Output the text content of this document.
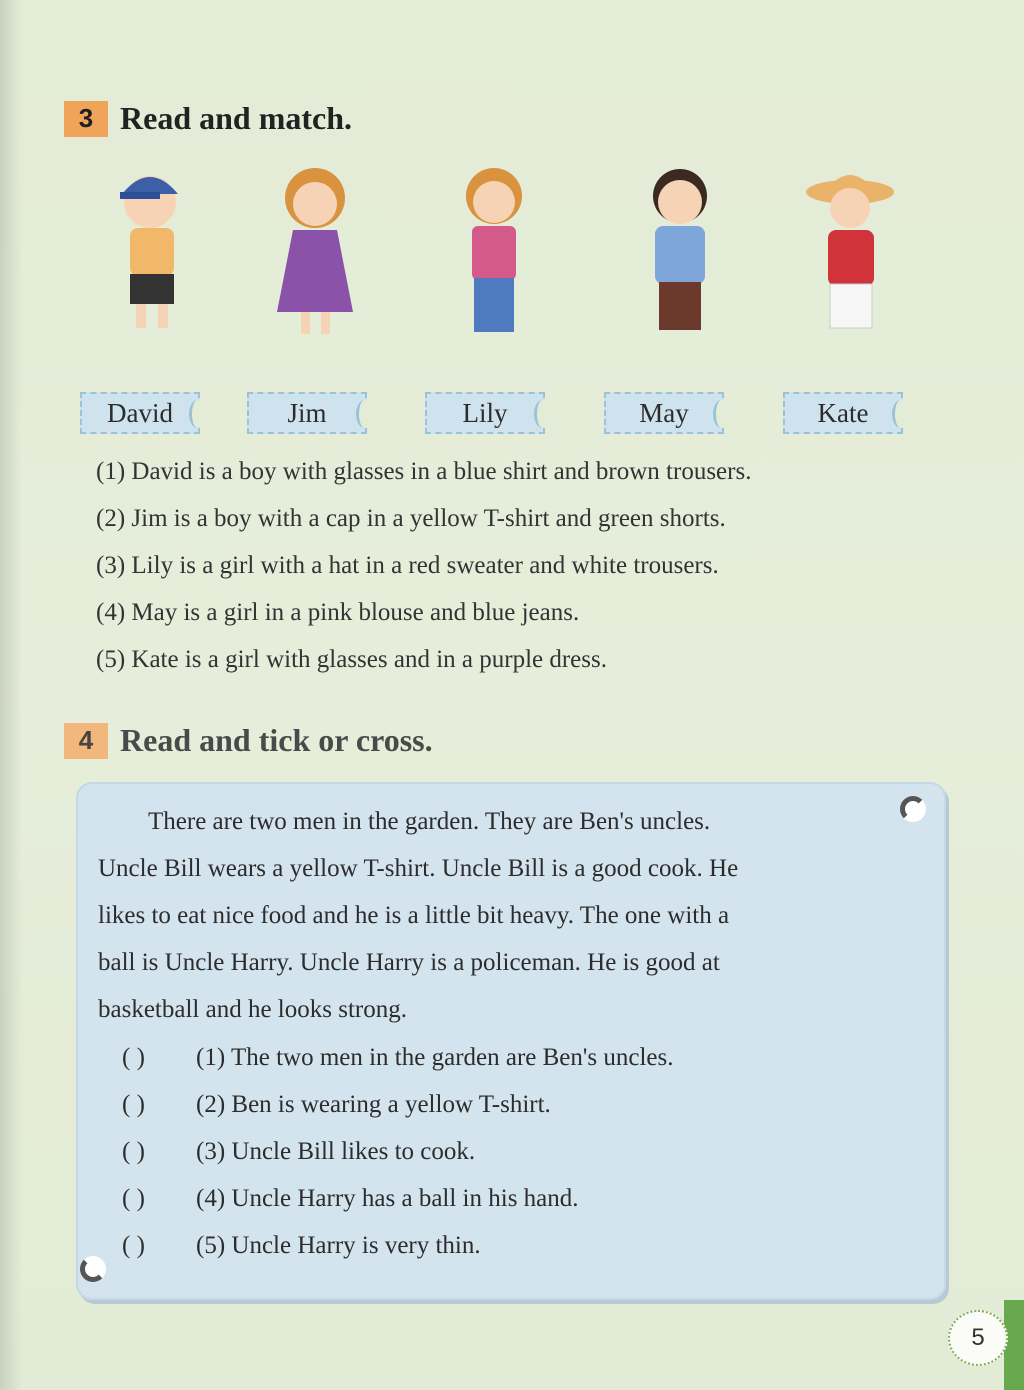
3 Read and match.
David	Jim	Lily	May	Kate
(1) David is a boy with glasses in a blue shirt and brown trousers.
(2) Jim is a boy with a cap in a yellow T-shirt and green shorts.
(3) Lily is a girl with a hat in a red sweater and white trousers.
(4) May is a girl in a pink blouse and blue jeans.
(5) Kate is a girl with glasses and in a purple dress.
4 Read and tick or cross.
  There are two men in the garden. They are Ben's uncles.
Uncle Bill wears a yellow T-shirt. Uncle Bill is a good cook. He
likes to eat nice food and he is a little bit heavy. The one with a
ball is Uncle Harry. Uncle Harry is a policeman. He is good at
basketball and he looks strong.
( )	(1) The two men in the garden are Ben's uncles.
( )	(2) Ben is wearing a yellow T-shirt.
( )	(3) Uncle Bill likes to cook.
( )	(4) Uncle Harry has a ball in his hand.
( )	(5) Uncle Harry is very thin.
5
